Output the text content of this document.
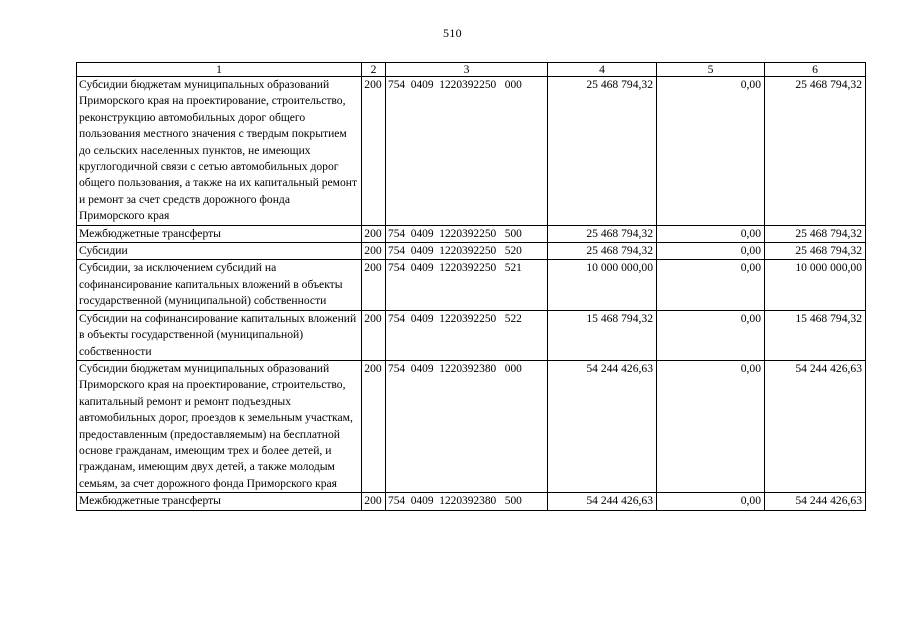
510
1	2	3	4	5	6
Субсидии бюджетам муниципальных образований Приморского края на проектирование, строительство, реконструкцию автомобильных дорог общего пользования местного значения с твердым покрытием до сельских населенных пунктов, не имеющих круглогодичной связи с сетью автомобильных дорог общего пользования, а также на их капитальный ремонт и ремонт за счет средств дорожного фонда Приморского края	200	754  0409  1220392250   000	25 468 794,32	0,00	25 468 794,32
Межбюджетные трансферты	200	754  0409  1220392250   500	25 468 794,32	0,00	25 468 794,32
Субсидии	200	754  0409  1220392250   520	25 468 794,32	0,00	25 468 794,32
Субсидии, за исключением субсидий на софинансирование капитальных вложений в объекты государственной (муниципальной) собственности	200	754  0409  1220392250   521	10 000 000,00	0,00	10 000 000,00
Субсидии на софинансирование капитальных вложений в объекты государственной (муниципальной) собственности	200	754  0409  1220392250   522	15 468 794,32	0,00	15 468 794,32
Субсидии бюджетам муниципальных образований Приморского края на проектирование, строительство, капитальный ремонт и ремонт подъездных автомобильных дорог, проездов к земельным участкам, предоставленным (предоставляемым) на бесплатной основе гражданам, имеющим трех и более детей, и гражданам, имеющим двух детей, а также молодым семьям, за счет дорожного фонда Приморского края	200	754  0409  1220392380   000	54 244 426,63	0,00	54 244 426,63
Межбюджетные трансферты	200	754  0409  1220392380   500	54 244 426,63	0,00	54 244 426,63
